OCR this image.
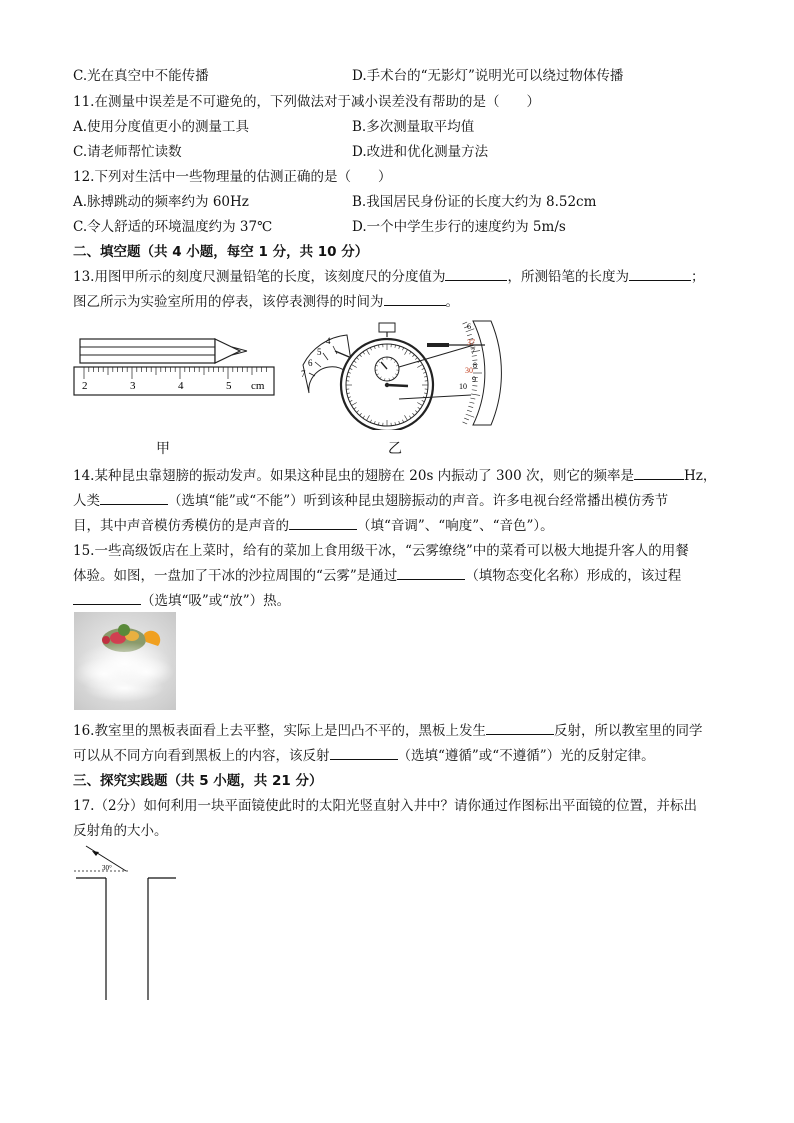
C.光在真空中不能传播	D.手术台的“无影灯”说明光可以绕过物体传播
11.在测量中误差是不可避免的，下列做法对于减小误差没有帮助的是（　　）
A.使用分度值更小的测量工具	B.多次测量取平均值
C.请老师帮忙读数	D.改进和优化测量方法
12.下列对生活中一些物理量的估测正确的是（　　）
A.脉搏跳动的频率约为 60Hz	B.我国居民身份证的长度大约为 8.52cm
C.令人舒适的环境温度约为 37℃	D.一个中学生步行的速度约为 5m/s
二、填空题（共 4 小题，每空 1 分，共 10 分）
13.用图甲所示的刻度尺测量铅笔的长度，该刻度尺的分度值为	，所测铅笔的长度为	；
图乙所示为实验室所用的停表，该停表测得的时间为	。
2	3	4	5 cm
4
5
6
7
6
37
7
8
9
30
10
甲	乙
14.某种昆虫靠翅膀的振动发声。如果这种昆虫的翅膀在 20s 内振动了 300 次，则它的频率是	Hz，
人类	（选填“能”或“不能”）听到该种昆虫翅膀振动的声音。许多电视台经常播出模仿秀节
目，其中声音模仿秀模仿的是声音的	（填“音调”、“响度”、“音色”）。
15.一些高级饭店在上菜时，给有的菜加上食用级干冰，“云雾缭绕”中的菜肴可以极大地提升客人的用餐
体验。如图，一盘加了干冰的沙拉周围的“云雾”是通过	（填物态变化名称）形成的，该过程
（选填“吸”或“放”）热。
16.教室里的黑板表面看上去平整，实际上是凹凸不平的，黑板上发生	反射，所以教室里的同学
可以从不同方向看到黑板上的内容，该反射	（选填“遵循”或“不遵循”）光的反射定律。
三、探究实践题（共 5 小题，共 21 分）
17.（2分）如何利用一块平面镜使此时的太阳光竖直射入井中？请你通过作图标出平面镜的位置，并标出
反射角的大小。
30°
